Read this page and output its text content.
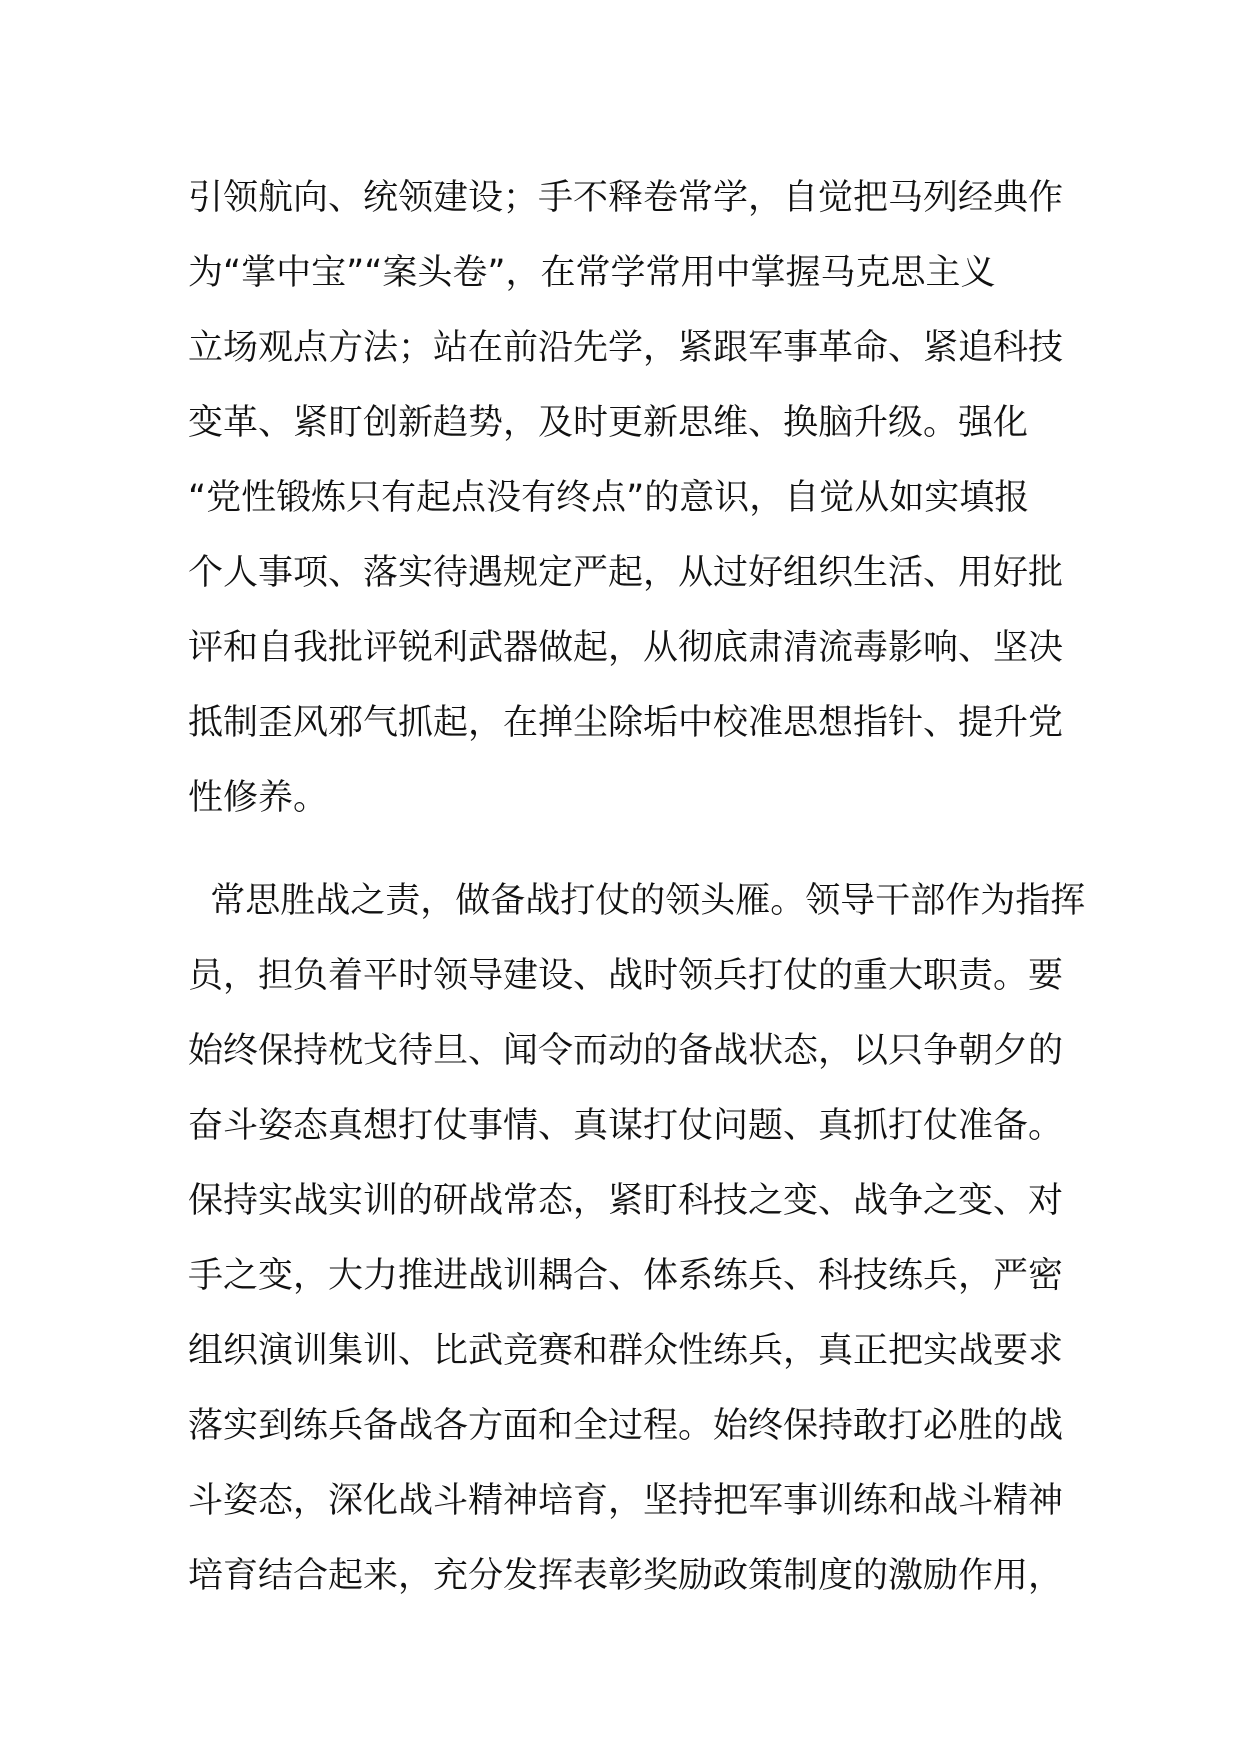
引领航向、统领建设；手不释卷常学，自觉把马列经典作
为“掌中宝”“案头卷”，在常学常用中掌握马克思主义
立场观点方法；站在前沿先学，紧跟军事革命、紧追科技
变革、紧盯创新趋势，及时更新思维、换脑升级。强化
“党性锻炼只有起点没有终点”的意识，自觉从如实填报
个人事项、落实待遇规定严起，从过好组织生活、用好批
评和自我批评锐利武器做起，从彻底肃清流毒影响、坚决
抵制歪风邪气抓起，在掸尘除垢中校准思想指针、提升党
性修养。
常思胜战之责，做备战打仗的领头雁。领导干部作为指挥
员，担负着平时领导建设、战时领兵打仗的重大职责。要
始终保持枕戈待旦、闻令而动的备战状态，以只争朝夕的
奋斗姿态真想打仗事情、真谋打仗问题、真抓打仗准备。
保持实战实训的研战常态，紧盯科技之变、战争之变、对
手之变，大力推进战训耦合、体系练兵、科技练兵，严密
组织演训集训、比武竞赛和群众性练兵，真正把实战要求
落实到练兵备战各方面和全过程。始终保持敢打必胜的战
斗姿态，深化战斗精神培育，坚持把军事训练和战斗精神
培育结合起来，充分发挥表彰奖励政策制度的激励作用，
